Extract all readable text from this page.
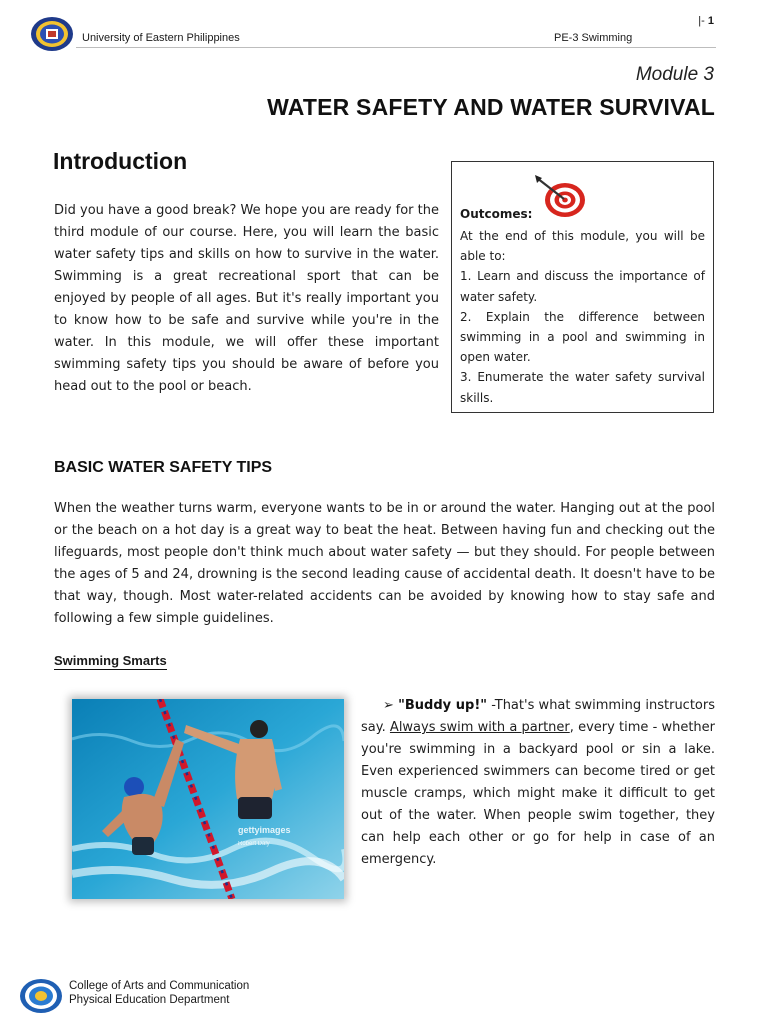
|- 1
University of Eastern Philippines	PE-3 Swimming
Module 3
WATER SAFETY AND WATER SURVIVAL
Introduction
Did you have a good break? We hope you are ready for the third module of our course. Here, you will learn the basic water safety tips and skills on how to survive in the water. Swimming is a great recreational sport that can be enjoyed by people of all ages. But it's really important you to know how to be safe and survive while you're in the water. In this module, we will offer these important swimming safety tips you should be aware of before you head out to the pool or beach.
Outcomes:
At the end of this module, you will be able to:
1. Learn and discuss the importance of water safety.
2. Explain the difference between swimming in a pool and swimming in open water.
3. Enumerate the water safety survival skills.
BASIC WATER SAFETY TIPS
When the weather turns warm, everyone wants to be in or around the water. Hanging out at the pool or the beach on a hot day is a great way to beat the heat. Between having fun and checking out the lifeguards, most people don't think much about water safety — but they should. For people between the ages of 5 and 24, drowning is the second leading cause of accidental death. It doesn't have to be that way, though. Most water-related accidents can be avoided by knowing how to stay safe and following a few simple guidelines.
Swimming Smarts
gettyimages
Robert Daly
➢ "Buddy up!" -That's what swimming instructors say. Always swim with a partner, every time - whether you're swimming in a backyard pool or sin a lake. Even experienced swimmers can become tired or get muscle cramps, which might make it difficult to get out of the water. When people swim together, they can help each other or go for help in case of an emergency.
College of Arts and Communication
Physical Education Department
